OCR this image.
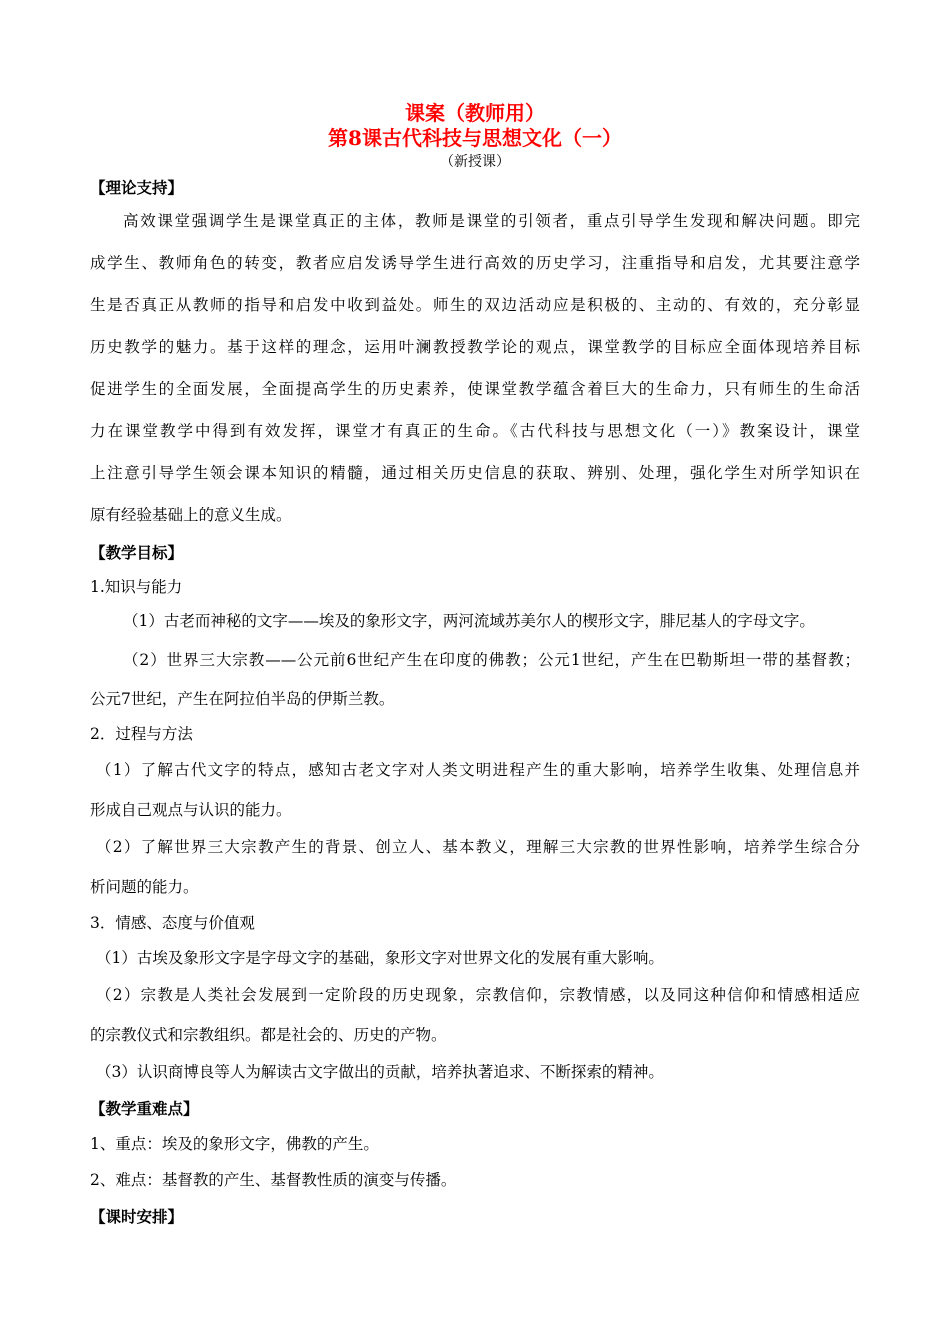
课案（教师用）
第8课古代科技与思想文化（一）
（新授课）
【理论支持】
高效课堂强调学生是课堂真正的主体，教师是课堂的引领者，重点引导学生发现和解决问题。即完
成学生、教师角色的转变，教者应启发诱导学生进行高效的历史学习，注重指导和启发，尤其要注意学
生是否真正从教师的指导和启发中收到益处。师生的双边活动应是积极的、主动的、有效的，充分彰显
历史教学的魅力。基于这样的理念，运用叶澜教授教学论的观点，课堂教学的目标应全面体现培养目标
促进学生的全面发展，全面提高学生的历史素养，使课堂教学蕴含着巨大的生命力，只有师生的生命活
力在课堂教学中得到有效发挥，课堂才有真正的生命。《古代科技与思想文化（一）》教案设计，课堂
上注意引导学生领会课本知识的精髓，通过相关历史信息的获取、辨别、处理，强化学生对所学知识在
原有经验基础上的意义生成。
【教学目标】
1.知识与能力
（1）古老而神秘的文字——埃及的象形文字，两河流域苏美尔人的楔形文字，腓尼基人的字母文字。
（2）世界三大宗教——公元前6世纪产生在印度的佛教；公元1世纪，产生在巴勒斯坦一带的基督教；
公元7世纪，产生在阿拉伯半岛的伊斯兰教。
2．过程与方法
（1）了解古代文字的特点，感知古老文字对人类文明进程产生的重大影响，培养学生收集、处理信息并
形成自己观点与认识的能力。
（2）了解世界三大宗教产生的背景、创立人、基本教义，理解三大宗教的世界性影响，培养学生综合分
析问题的能力。
3．情感、态度与价值观
（1）古埃及象形文字是字母文字的基础，象形文字对世界文化的发展有重大影响。
（2）宗教是人类社会发展到一定阶段的历史现象，宗教信仰，宗教情感，以及同这种信仰和情感相适应
的宗教仪式和宗教组织。都是社会的、历史的产物。
（3）认识商博良等人为解读古文字做出的贡献，培养执著追求、不断探索的精神。
【教学重难点】
1、重点：埃及的象形文字，佛教的产生。
2、难点：基督教的产生、基督教性质的演变与传播。
【课时安排】
